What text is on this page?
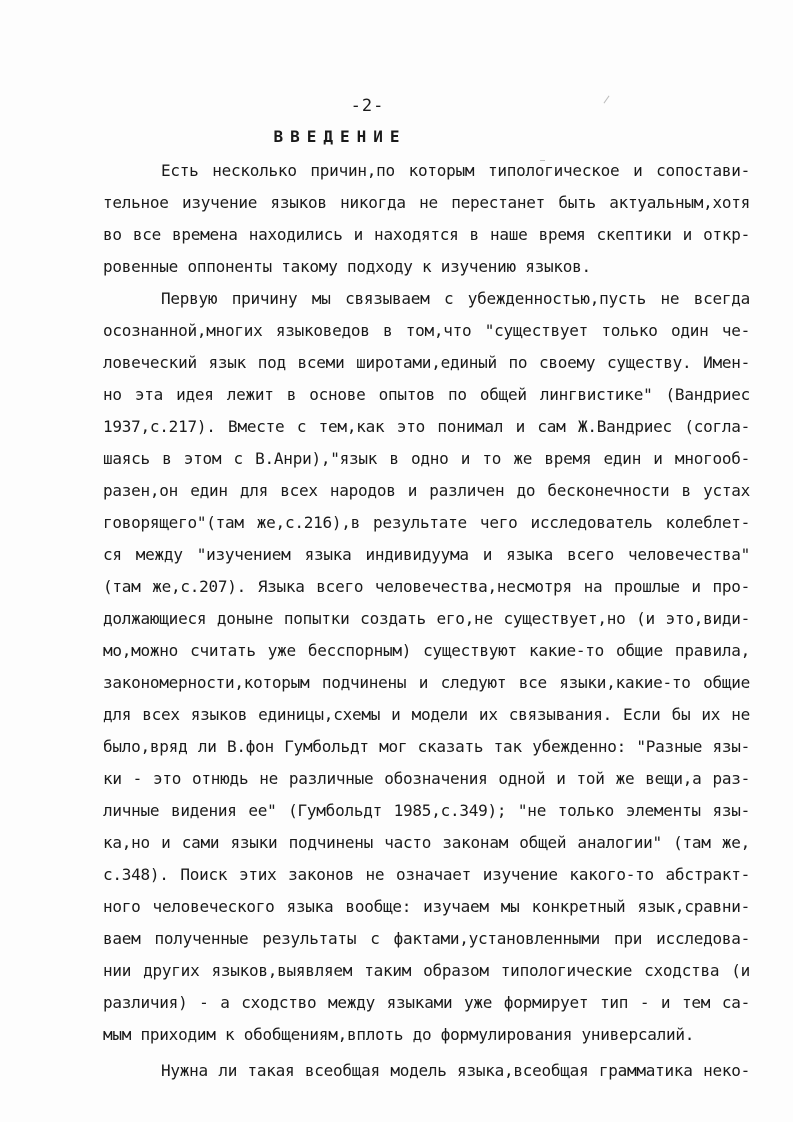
-2-
ВВЕДЕНИЕ
Есть несколько причин,по которым типологическое и сопостави-
тельное изучение языков никогда не перестанет быть актуальным,хотя
во все времена находились и находятся в наше время скептики и откр-
ровенные оппоненты такому подходу к изучению языков.
Первую причину мы связываем с убежденностью,пусть не всегда
осознанной,многих языковедов в том,что "существует только один че-
ловеческий язык под всеми широтами,единый по своему существу. Имен-
но эта идея лежит в основе опытов по общей лингвистике" (Вандриес
1937,с.217). Вместе с тем,как это понимал и сам Ж.Вандриес (согла-
шаясь в этом с В.Анри),"язык в одно и то же время един и многооб-
разен,он един для всех народов и различен до бесконечности в устах
говорящего"(там же,с.216),в результате чего исследователь колеблет-
ся между "изучением языка индивидуума и языка всего человечества"
(там же,с.207). Языка всего человечества,несмотря на прошлые и про-
должающиеся доныне попытки создать его,не существует,но (и это,види-
мо,можно считать уже бесспорным) существуют какие-то общие правила,
закономерности,которым подчинены и следуют все языки,какие-то общие
для всех языков единицы,схемы и модели их связывания. Если бы их не
было,вряд ли В.фон Гумбольдт мог сказать так убежденно: "Разные язы-
ки - это отнюдь не различные обозначения одной и той же вещи,а раз-
личные видения ее" (Гумбольдт 1985,с.349); "не только элементы язы-
ка,но и сами языки подчинены часто законам общей аналогии" (там же,
с.348). Поиск этих законов не означает изучение какого-то абстракт-
ного человеческого языка вообще: изучаем мы конкретный язык,сравни-
ваем полученные результаты с фактами,установленными при исследова-
нии других языков,выявляем таким образом типологические сходства (и
различия) - а сходство между языками уже формирует тип - и тем са-
мым приходим к обобщениям,вплоть до формулирования универсалий.
Нужна ли такая всеобщая модель языка,всеобщая грамматика неко-
